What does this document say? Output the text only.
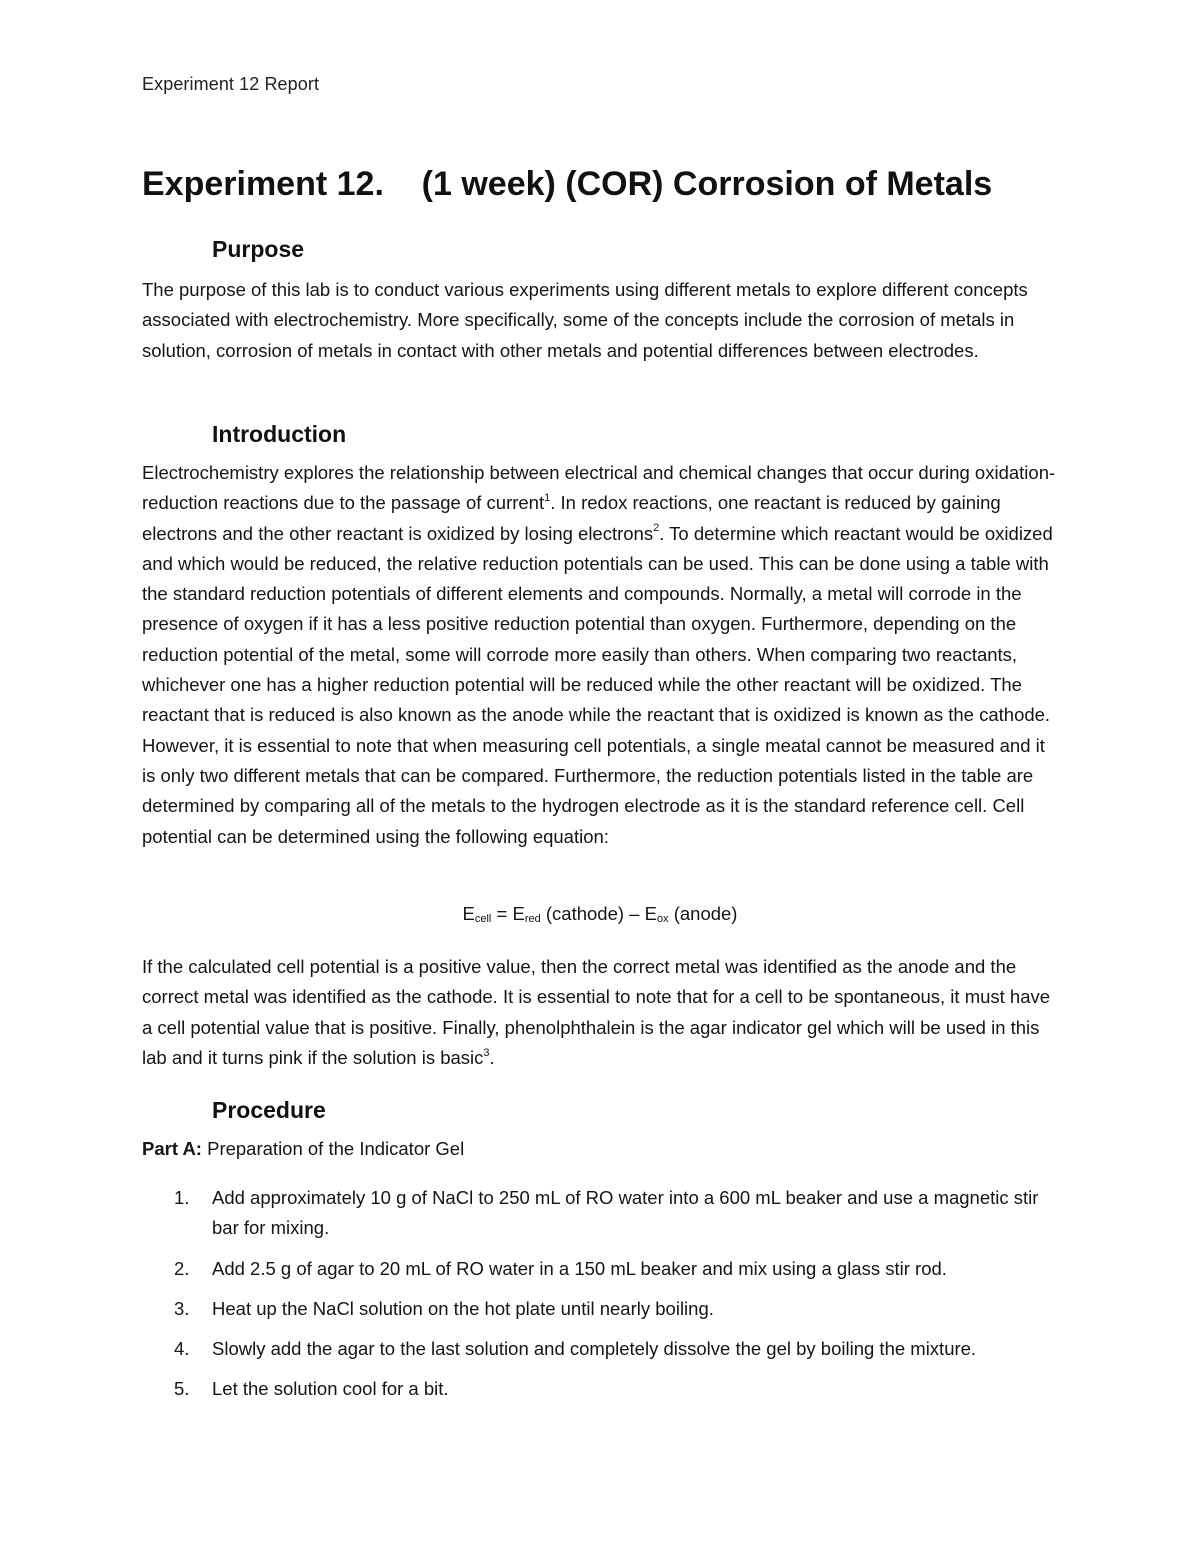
Experiment 12 Report
Experiment 12.    (1 week) (COR) Corrosion of Metals
Purpose

The purpose of this lab is to conduct various experiments using different metals to explore different concepts associated with electrochemistry. More specifically, some of the concepts include the corrosion of metals in solution, corrosion of metals in contact with other metals and potential differences between electrodes.

Introduction

Electrochemistry explores the relationship between electrical and chemical changes that occur during oxidation-reduction reactions due to the passage of current$^1$. In redox reactions, one reactant is reduced by gaining electrons and the other reactant is oxidized by losing electrons$^2$. To determine which reactant would be oxidized and which would be reduced, the relative reduction potentials can be used. This can be done using a table with the standard reduction potentials of different elements and compounds. Normally, a metal will corrode in the presence of oxygen if it has a less positive reduction potential than oxygen. Furthermore, depending on the reduction potential of the metal, some will corrode more easily than others. When comparing two reactants, whichever one has a higher reduction potential will be reduced while the other reactant will be oxidized. The reactant that is reduced is also known as the anode while the reactant that is oxidized is known as the cathode. However, it is essential to note that when measuring cell potentials, a single meatal cannot be measured and it is only two different metals that can be compared. Furthermore, the reduction potentials listed in the table are determined by comparing all of the metals to the hydrogen electrode as it is the standard reference cell. Cell potential can be determined using the following equation:

$E_{cell} = E_{red}$ (cathode) – $E_{ox}$ (anode)

If the calculated cell potential is a positive value, then the correct metal was identified as the anode and the correct metal was identified as the cathode. It is essential to note that for a cell to be spontaneous, it must have a cell potential value that is positive. Finally, phenolphthalein is the agar indicator gel which will be used in this lab and it turns pink if the solution is basic$^3$.

Procedure
Part A: Preparation of the Indicator Gel
1. Add approximately 10 g of NaCl to 250 mL of RO water into a 600 mL beaker and use a magnetic stir bar for mixing.
2. Add 2.5 g of agar to 20 mL of RO water in a 150 mL beaker and mix using a glass stir rod.
3. Heat up the NaCl solution on the hot plate until nearly boiling.
4. Slowly add the agar to the last solution and completely dissolve the gel by boiling the mixture.
5. Let the solution cool for a bit.
